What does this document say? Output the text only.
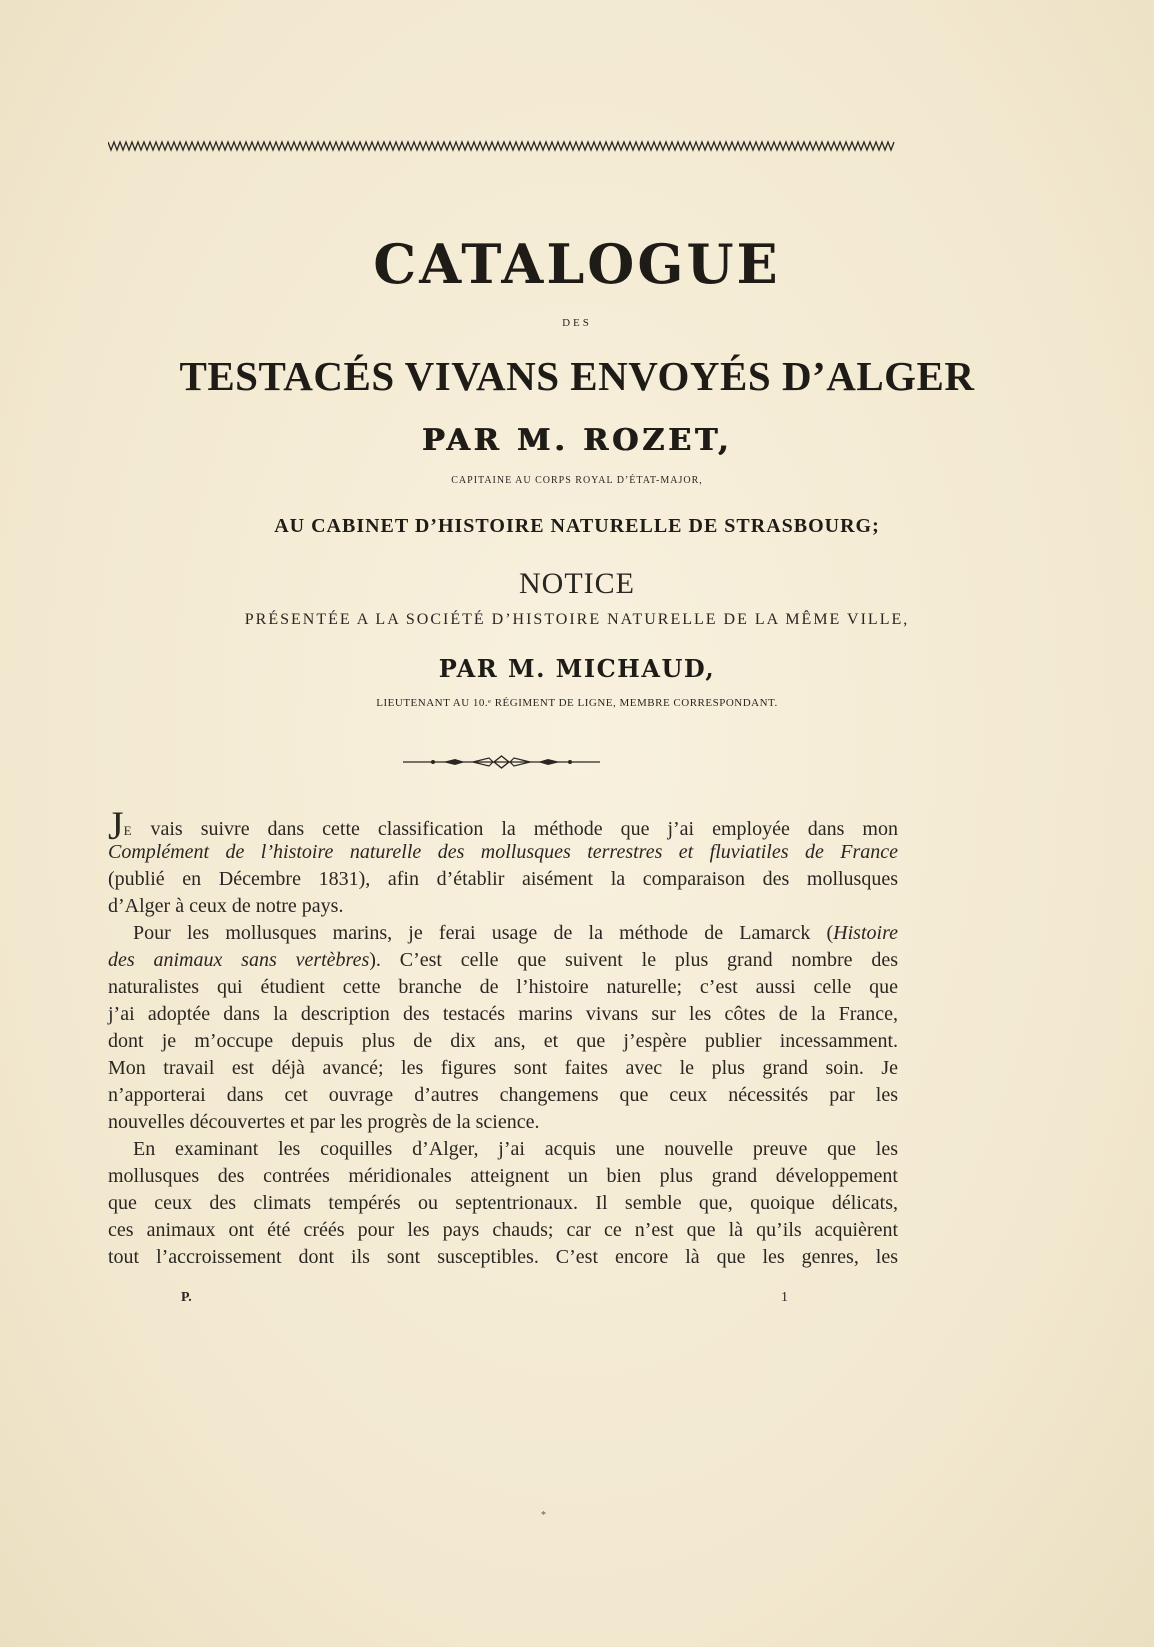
CATALOGUE
DES
TESTACÉS VIVANS ENVOYÉS D’ALGER
PAR M. ROZET,
CAPITAINE AU CORPS ROYAL D’ÉTAT-MAJOR,
AU CABINET D’HISTOIRE NATURELLE DE STRASBOURG;
NOTICE
PRÉSENTÉE A LA SOCIÉTÉ D’HISTOIRE NATURELLE DE LA MÊME VILLE,
PAR M. MICHAUD,
LIEUTENANT AU 10.ᵉ RÉGIMENT DE LIGNE, MEMBRE CORRESPONDANT.
JE vais suivre dans cette classification la méthode que j’ai employée dans mon
Complément de l’histoire naturelle des mollusques terrestres et fluviatiles de France
(publié en Décembre 1831), afin d’établir aisément la comparaison des mollusques
d’Alger à ceux de notre pays.
Pour les mollusques marins, je ferai usage de la méthode de Lamarck (Histoire
des animaux sans vertèbres). C’est celle que suivent le plus grand nombre des
naturalistes qui étudient cette branche de l’histoire naturelle; c’est aussi celle que
j’ai adoptée dans la description des testacés marins vivans sur les côtes de la France,
dont je m’occupe depuis plus de dix ans, et que j’espère publier incessamment.
Mon travail est déjà avancé; les figures sont faites avec le plus grand soin. Je
n’apporterai dans cet ouvrage d’autres changemens que ceux nécessités par les
nouvelles découvertes et par les progrès de la science.
En examinant les coquilles d’Alger, j’ai acquis une nouvelle preuve que les
mollusques des contrées méridionales atteignent un bien plus grand développement
que ceux des climats tempérés ou septentrionaux. Il semble que, quoique délicats,
ces animaux ont été créés pour les pays chauds; car ce n’est que là qu’ils acquièrent
tout l’accroissement dont ils sont susceptibles. C’est encore là que les genres, les
P.	1
*
